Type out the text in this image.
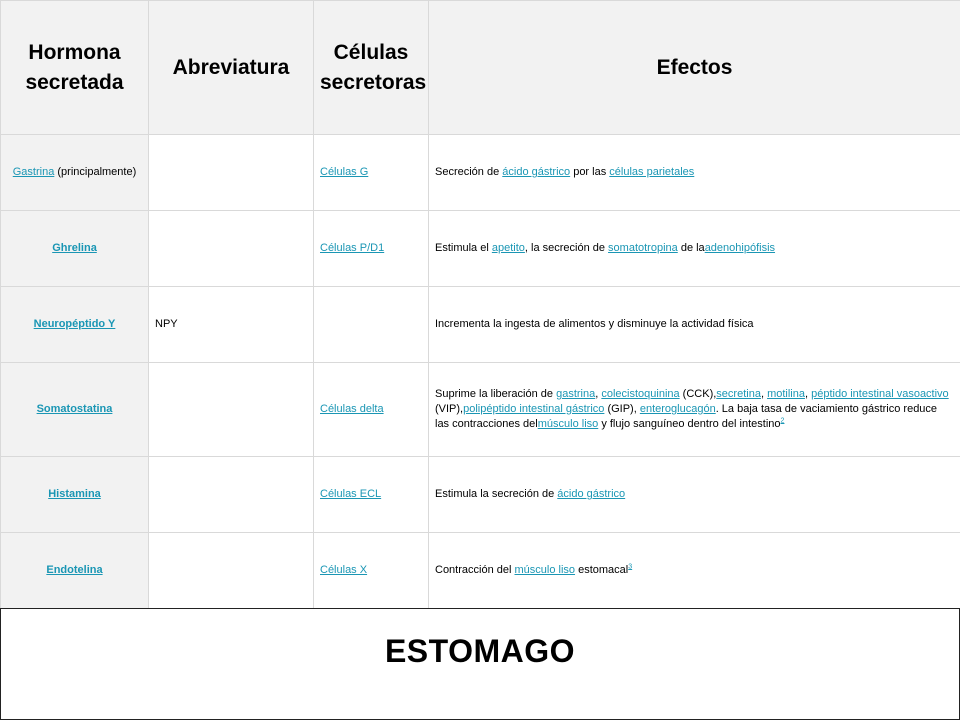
Hormona secretada	Abreviatura	Células secretoras	Efectos
Gastrina (principalmente)		Células G	Secreción de ácido gástrico por las células parietales
Ghrelina		Células P/D1	Estimula el apetito, la secreción de somatotropina de laadenohipófisis
Neuropéptido Y	NPY		Incrementa la ingesta de alimentos y disminuye la actividad física
Somatostatina		Células delta	Suprime la liberación de gastrina, colecistoquinina (CCK),secretina, motilina, péptido intestinal vasoactivo (VIP),polipéptido intestinal gástrico (GIP), enteroglucagón. La baja tasa de vaciamiento gástrico reduce las contracciones delmúsculo liso y flujo sanguíneo dentro del intestino$^2$
Histamina		Células ECL	Estimula la secreción de ácido gástrico
Endotelina		Células X	Contracción del músculo liso estomacal$^3$
ESTOMAGO
